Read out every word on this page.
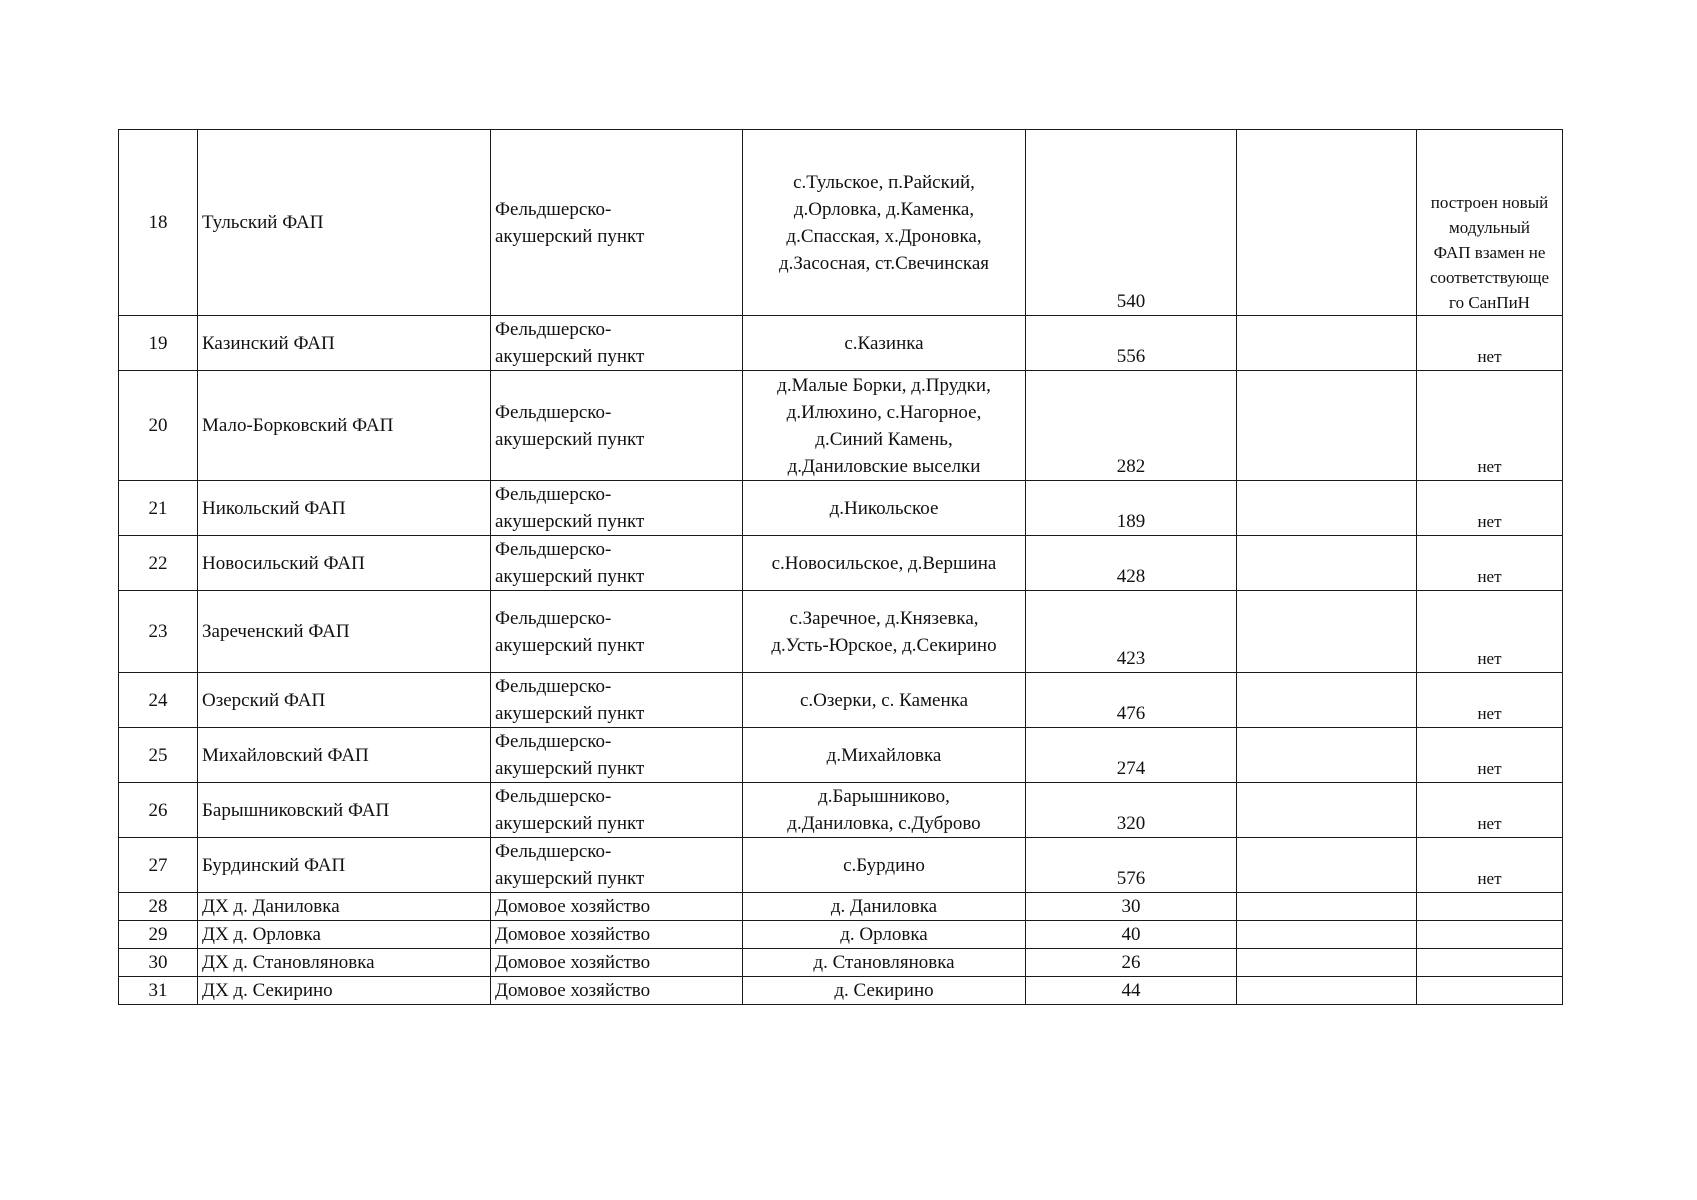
18	Тульский ФАП	Фельдшерско-
акушерский пункт	с.Тульское, п.Райский,
д.Орловка, д.Каменка,
д.Спасская, х.Дроновка,
д.Засосная, ст.Свечинская	540		построен новый
модульный
ФАП взамен не
соответствующе
го СанПиН
19	Казинский ФАП	Фельдшерско-
акушерский пункт	с.Казинка	556		нет
20	Мало-Борковский ФАП	Фельдшерско-
акушерский пункт	д.Малые Борки, д.Прудки,
д.Илюхино, с.Нагорное,
д.Синий Камень,
д.Даниловские выселки	282		нет
21	Никольский ФАП	Фельдшерско-
акушерский пункт	д.Никольское	189		нет
22	Новосильский ФАП	Фельдшерско-
акушерский пункт	с.Новосильское, д.Вершина	428		нет
23	Зареченский ФАП	Фельдшерско-
акушерский пункт	с.Заречное, д.Князевка,
д.Усть-Юрское, д.Секирино	423		нет
24	Озерский ФАП	Фельдшерско-
акушерский пункт	с.Озерки, с. Каменка	476		нет
25	Михайловский ФАП	Фельдшерско-
акушерский пункт	д.Михайловка	274		нет
26	Барышниковский ФАП	Фельдшерско-
акушерский пункт	д.Барышниково,
д.Даниловка, с.Дуброво	320		нет
27	Бурдинский ФАП	Фельдшерско-
акушерский пункт	с.Бурдино	576		нет
28	ДХ д. Даниловка	Домовое хозяйство	д. Даниловка	30		
29	ДХ д. Орловка	Домовое хозяйство	д. Орловка	40		
30	ДХ д. Становляновка	Домовое хозяйство	д. Становляновка	26		
31	ДХ д. Секирино	Домовое хозяйство	д. Секирино	44		
